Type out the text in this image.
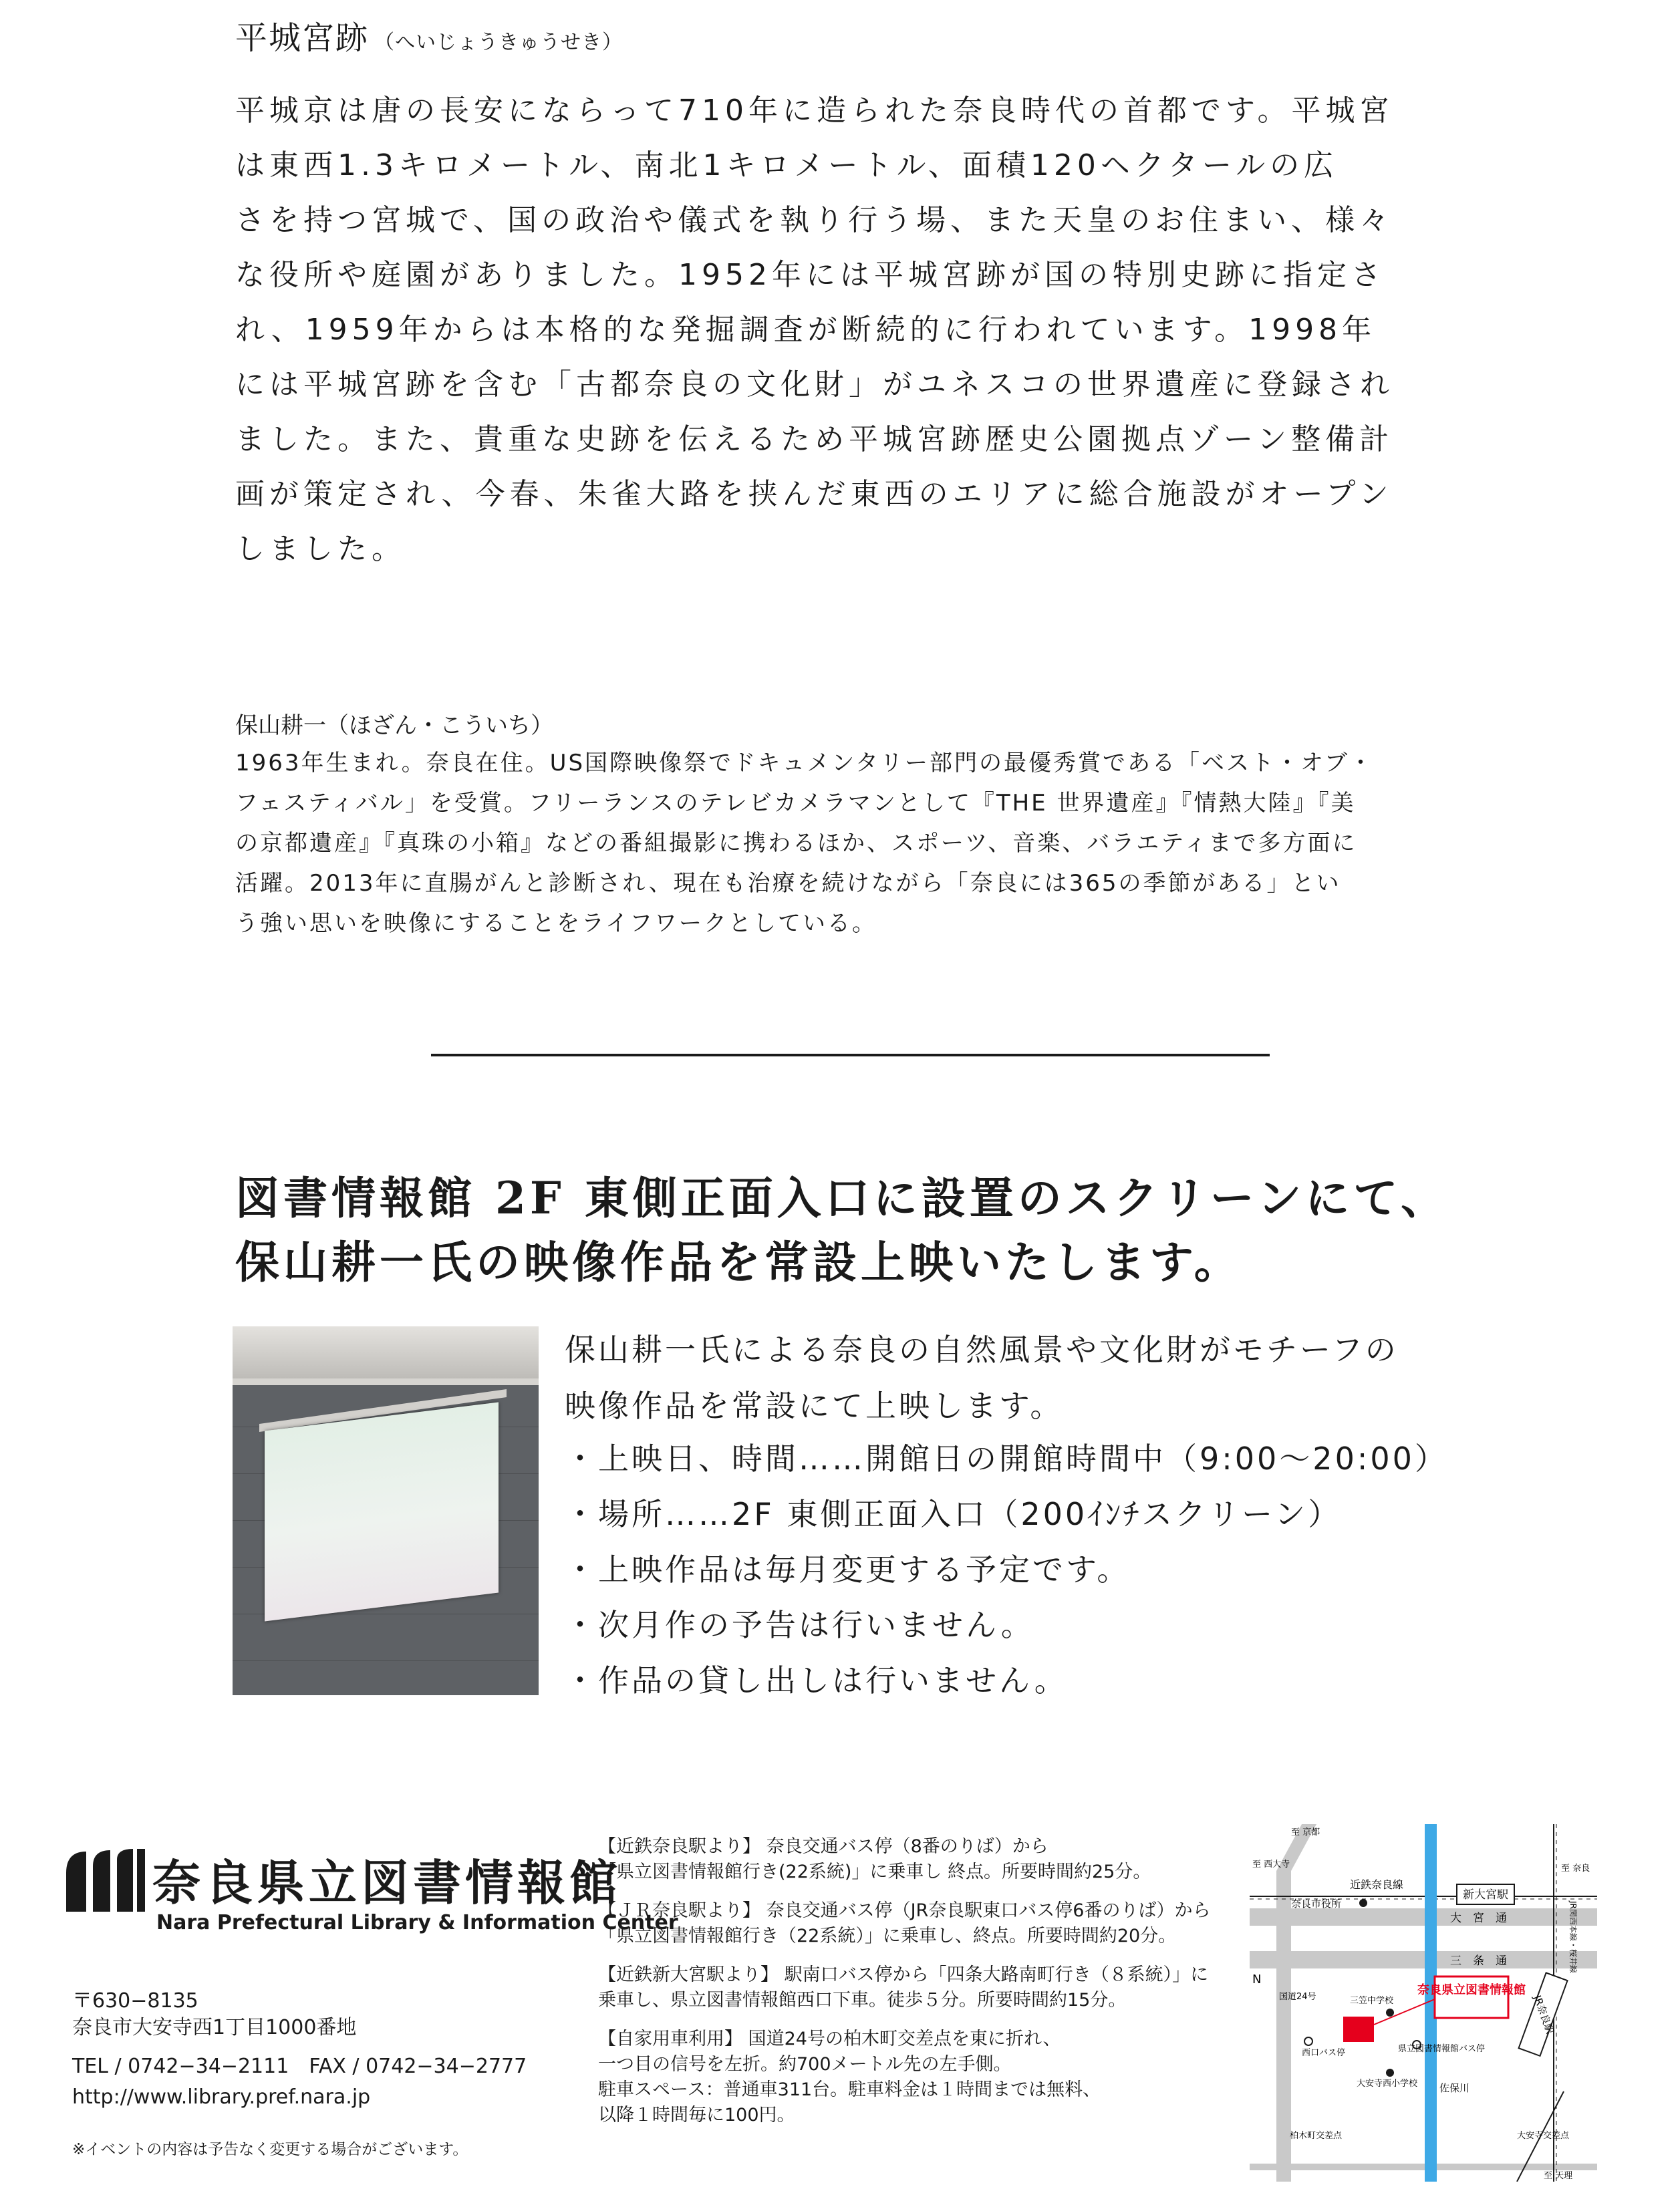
平城宮跡 （へいじょうきゅうせき）
平城京は唐の長安にならって710年に造られた奈良時代の首都です。平城宮
は東西1.3キロメートル、南北1キロメートル、面積120ヘクタールの広
さを持つ宮城で、国の政治や儀式を執り行う場、また天皇のお住まい、様々
な役所や庭園がありました。1952年には平城宮跡が国の特別史跡に指定さ
れ、1959年からは本格的な発掘調査が断続的に行われています。1998年
には平城宮跡を含む「古都奈良の文化財」がユネスコの世界遺産に登録され
ました。また、貴重な史跡を伝えるため平城宮跡歴史公園拠点ゾーン整備計
画が策定され、今春、朱雀大路を挟んだ東西のエリアに総合施設がオープン
しました。
保山耕一（ほざん・こういち）
1963年生まれ。奈良在住。US国際映像祭でドキュメンタリー部門の最優秀賞である「ベスト・オブ・
フェスティバル」を受賞。フリーランスのテレビカメラマンとして『THE 世界遺産』『情熱大陸』『美
の京都遺産』『真珠の小箱』などの番組撮影に携わるほか、スポーツ、音楽、バラエティまで多方面に
活躍。2013年に直腸がんと診断され、現在も治療を続けながら「奈良には365の季節がある」とい
う強い思いを映像にすることをライフワークとしている。
図書情報館 2F 東側正面入口に設置のスクリーンにて、
保山耕一氏の映像作品を常設上映いたします。
保山耕一氏による奈良の自然風景や文化財がモチーフの
映像作品を常設にて上映します。
・上映日、時間……開館日の開館時間中（9:00～20:00）
・場所……2F 東側正面入口（200ｲﾝﾁスクリーン）
・上映作品は毎月変更する予定です。
・次月作の予告は行いません。
・作品の貸し出しは行いません。
奈良県立図書情報館
Nara Prefectural Library & Information Center
〒630−8135
奈良市大安寺西1丁目1000番地
TEL / 0742−34−2111　FAX / 0742−34−2777
http://www.library.pref.nara.jp
※イベントの内容は予告なく変更する場合がございます。
【近鉄奈良駅より】 奈良交通バス停（8番のりば）から
「県立図書情報館行き(22系統)」に乗車し 終点。所要時間約25分。
【ＪＲ奈良駅より】 奈良交通バス停（JR奈良駅東口バス停6番のりば）から
「県立図書情報館行き（22系統）」に乗車し、終点。所要時間約20分。
【近鉄新大宮駅より】 駅南口バス停から「四条大路南町行き（８系統）」に
乗車し、県立図書情報館西口下車。徒歩５分。所要時間約15分。
【自家用車利用】 国道24号の柏木町交差点を東に折れ、
一つ目の信号を左折。約700メートル先の左手側。
駐車スペース：普通車311台。駐車料金は１時間までは無料、
以降１時間毎に100円。
奈良県立図書情報館
新大宮駅
JR奈良駅
至 京都
至 西大寺
近鉄奈良線
至 奈良
奈良市役所
大　宮　通
三　条　通
N
国道24号	三笠中学校
県立図書情報館バス停
西口バス停
大安寺西小学校 佐保川
柏木町交差点	大安寺交差点
至 天理
JR関西本線・桜井線
